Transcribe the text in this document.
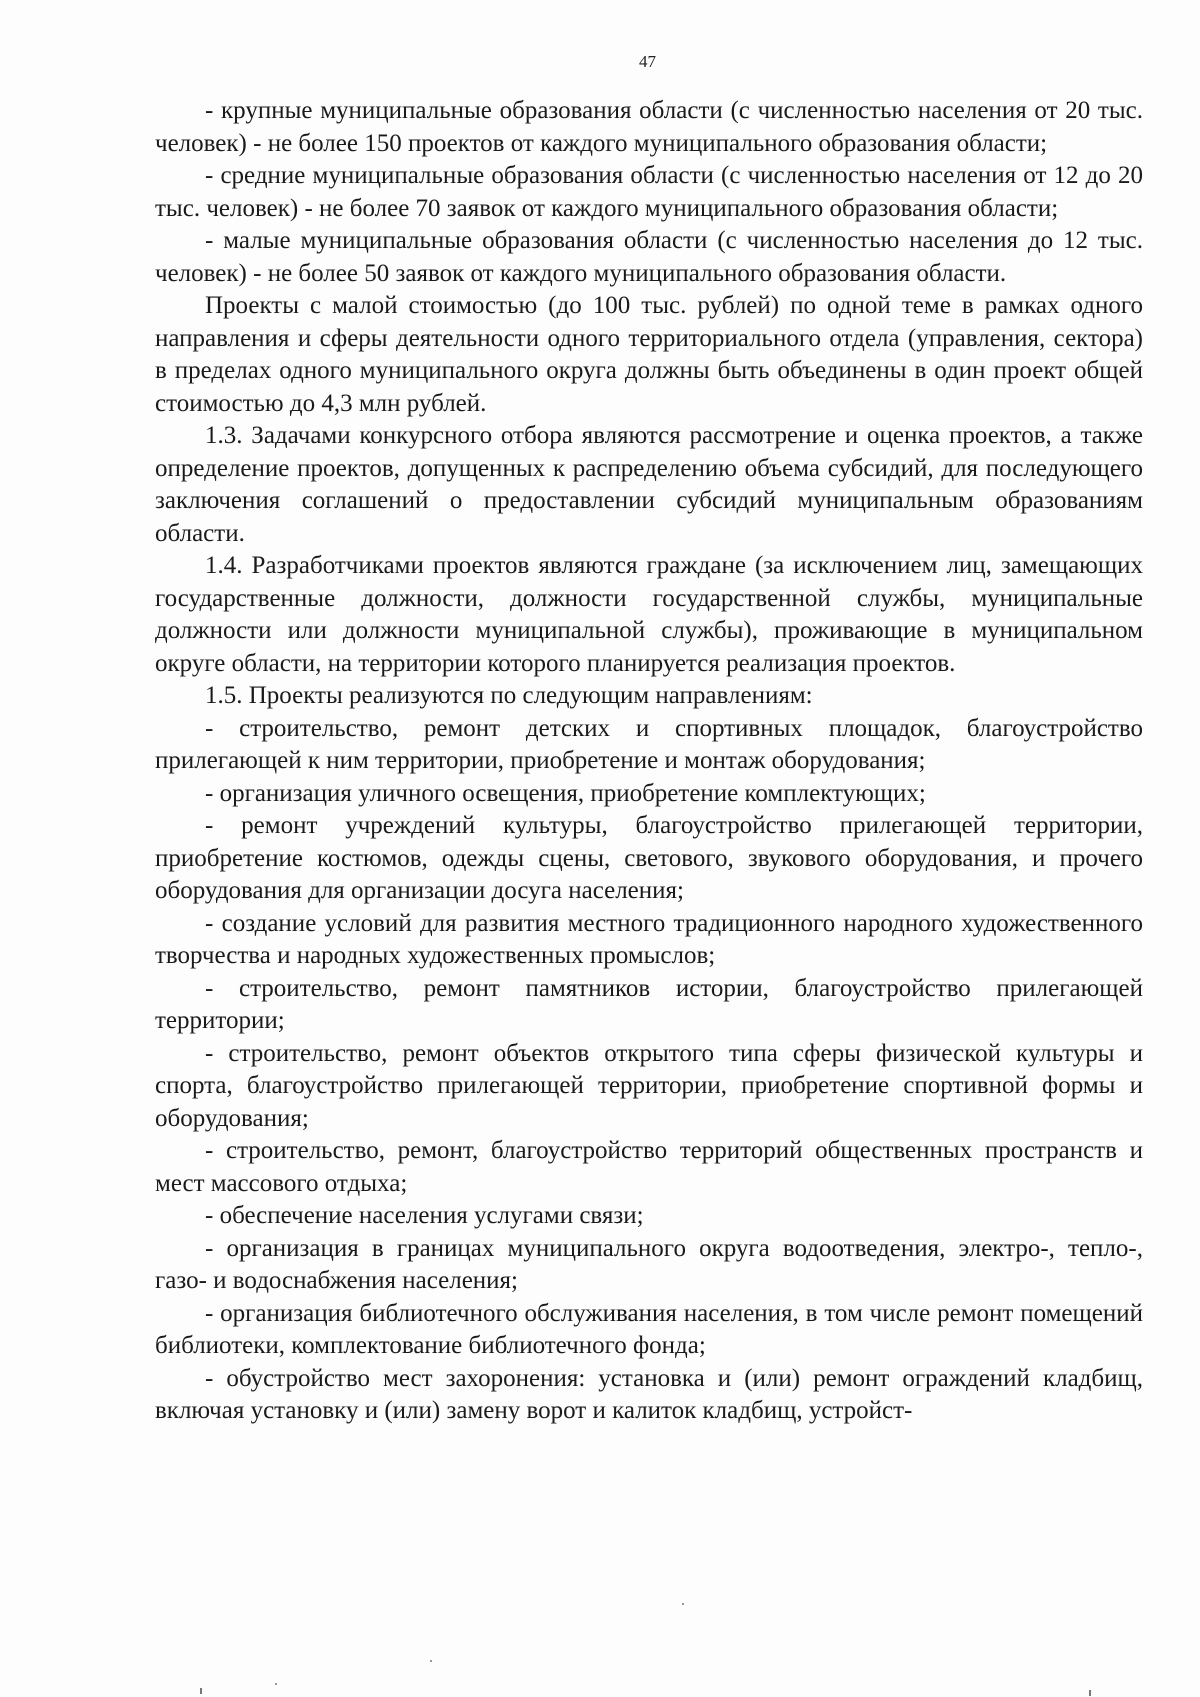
47

- крупные муниципальные образования области (с численностью населения от 20 тыс. человек) - не более 150 проектов от каждого муниципального образования области;

- средние муниципальные образования области (с численностью населения от 12 до 20 тыс. человек) - не более 70 заявок от каждого муниципального образования области;

- малые муниципальные образования области (с численностью населения до 12 тыс. человек) - не более 50 заявок от каждого муниципального образования области.

Проекты с малой стоимостью (до 100 тыс. рублей) по одной теме в рамках одного направления и сферы деятельности одного территориального отдела (управления, сектора) в пределах одного муниципального округа должны быть объединены в один проект общей стоимостью до 4,3 млн рублей.

1.3. Задачами конкурсного отбора являются рассмотрение и оценка проектов, а также определение проектов, допущенных к распределению объема субсидий, для последующего заключения соглашений о предоставлении субсидий муниципальным образованиям области.

1.4. Разработчиками проектов являются граждане (за исключением лиц, замещающих государственные должности, должности государственной службы, муниципальные должности или должности муниципальной службы), проживающие в муниципальном округе области, на территории которого планируется реализация проектов.

1.5. Проекты реализуются по следующим направлениям:

- строительство, ремонт детских и спортивных площадок, благоустройство прилегающей к ним территории, приобретение и монтаж оборудования;

- организация уличного освещения, приобретение комплектующих;

- ремонт учреждений культуры, благоустройство прилегающей территории, приобретение костюмов, одежды сцены, светового, звукового оборудования, и прочего оборудования для организации досуга населения;

- создание условий для развития местного традиционного народного художественного творчества и народных художественных промыслов;

- строительство, ремонт памятников истории, благоустройство прилегающей территории;

- строительство, ремонт объектов открытого типа сферы физической культуры и спорта, благоустройство прилегающей территории, приобретение спортивной формы и оборудования;

- строительство, ремонт, благоустройство территорий общественных пространств и мест массового отдыха;

- обеспечение населения услугами связи;

- организация в границах муниципального округа водоотведения, электро-, тепло-, газо- и водоснабжения населения;

- организация библиотечного обслуживания населения, в том числе ремонт помещений библиотеки, комплектование библиотечного фонда;

- обустройство мест захоронения: установка и (или) ремонт ограждений кладбищ, включая установку и (или) замену ворот и калиток кладбищ, устройст-
